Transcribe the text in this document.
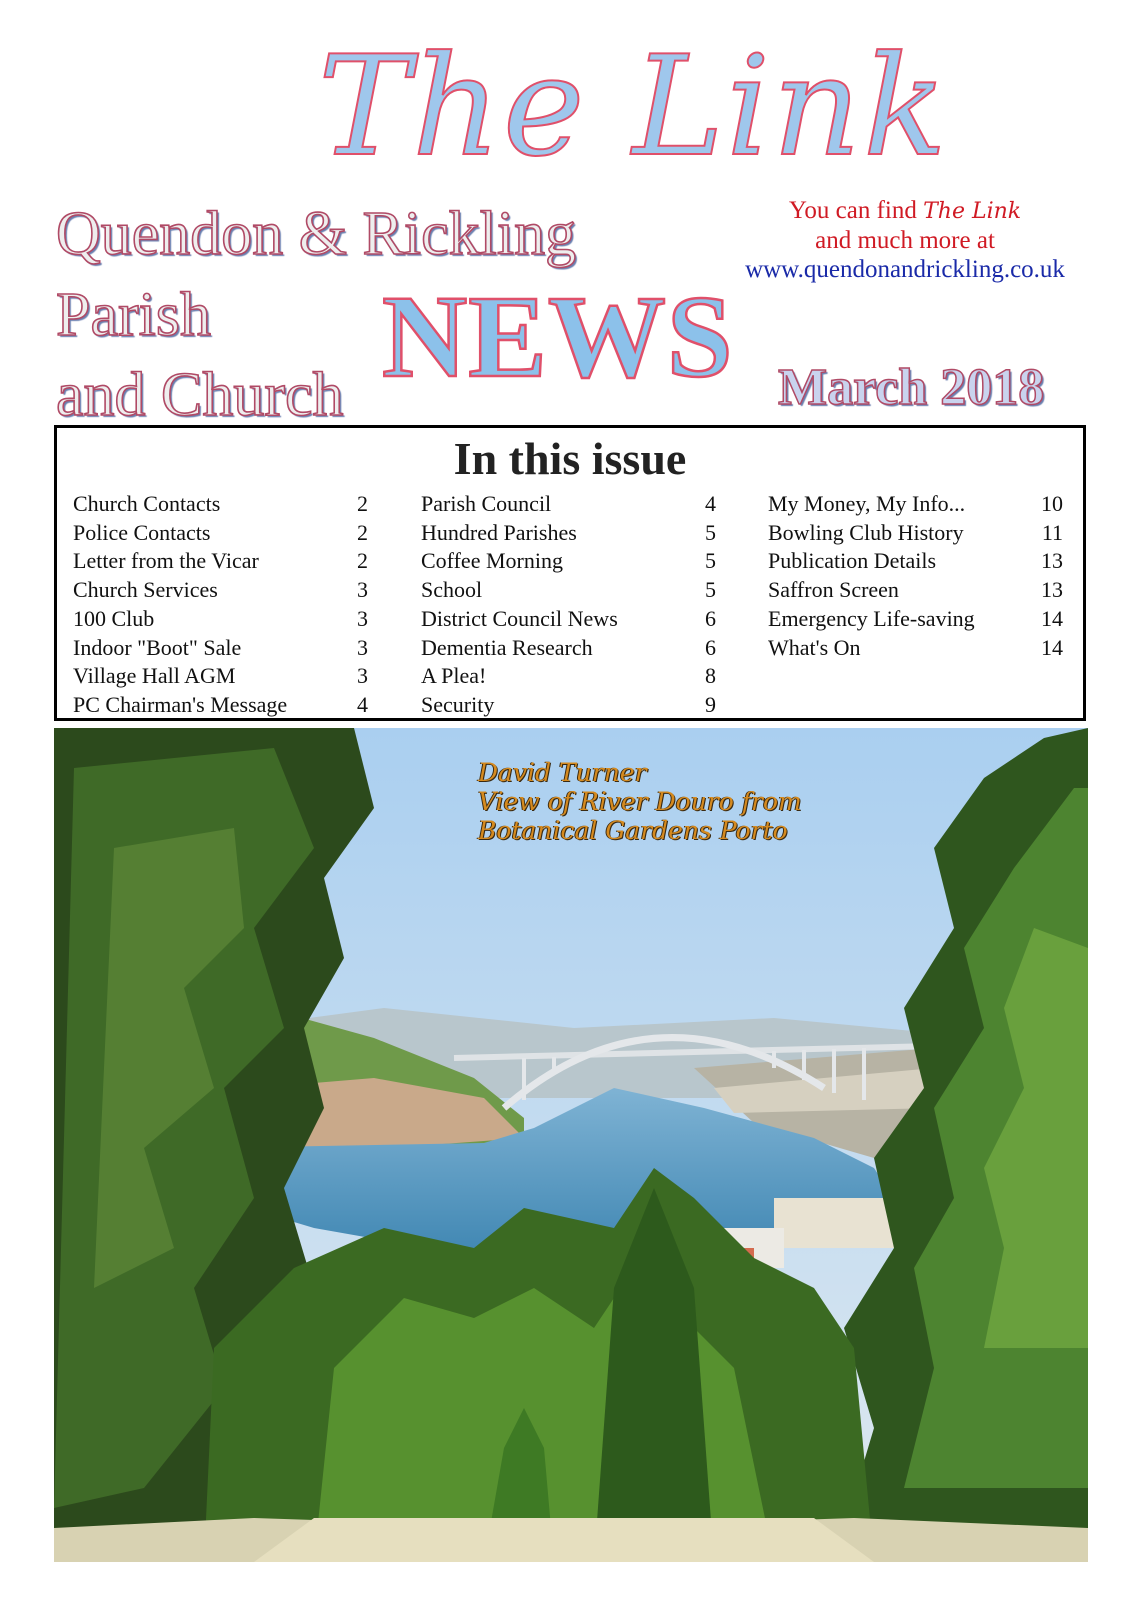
The Link
Quendon & Rickling
Parish
and Church NEWS March 2018
You can find The Link
and much more at
www.quendonandrickling.co.uk
In this issue
Church Contacts	2
Police Contacts	2
Letter from the Vicar	2
Church Services	3
100 Club	3
Indoor "Boot" Sale	3
Village Hall AGM	3
PC Chairman's Message	4
Parish Council	4
Hundred Parishes	5
Coffee Morning	5
School	5
District Council News	6
Dementia Research	6
A Plea!	8
Security	9
My Money, My Info...	10
Bowling Club History	11
Publication Details	13
Saffron Screen	13
Emergency Life-saving	14
What's On	14
David Turner
View of River Douro from
Botanical Gardens Porto
